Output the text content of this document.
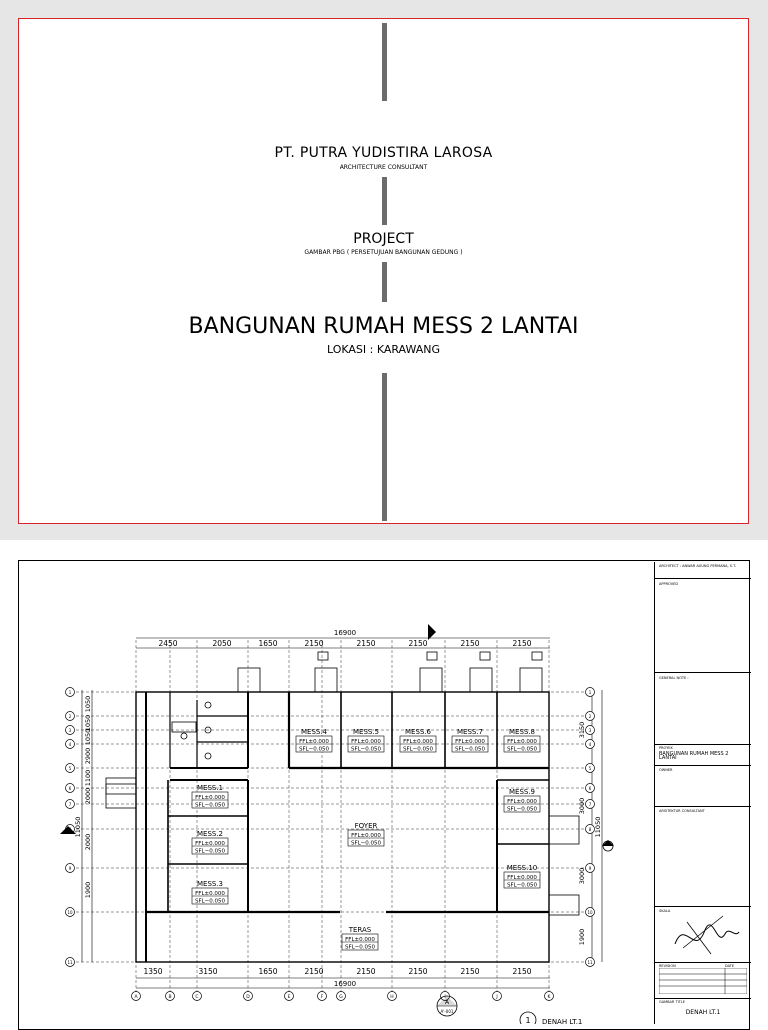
PT. PUTRA YUDISTIRA LAROSA
ARCHITECTURE CONSULTANT
PROJECT
GAMBAR PBG ( PERSETUJUAN BANGUNAN GEDUNG )
BANGUNAN RUMAH MESS 2 LANTAI
LOKASI : KARAWANG
A	B	C	D	E	F	G	H	I	J	K
1	1
2	2
3	3
4	4
5	5
6	6
7	7
8
9	9
10	10
11	11
16900
16900
2450	2050	1650	2150	2150	2150	2150	2150
1350	3150	1650	2150	2150	2150	2150	2150
1050
1050
1050
2900
1100
2000
2000
1900
3150
3000
3000
1900
11050
11050
MESS.4
FFL±0.000
SFL−0.050
MESS.5
FFL±0.000
SFL−0.050
MESS.6
FFL±0.000
SFL−0.050
MESS.7
FFL±0.000
SFL−0.050
MESS.8
FFL±0.000
SFL−0.050
MESS.1
FFL±0.000
SFL−0.050
MESS.2
FFL±0.000
SFL−0.050
MESS.3
FFL±0.000
SFL−0.050
MESS.9
FFL±0.000
SFL−0.050
MESS.10
FFL±0.000
SFL−0.050
FOYER
FFL±0.000
SFL−0.050
TERAS
FFL±0.000
SFL−0.050
A
A'-001
1 DENAH LT.1
ARCHITECT : ANWAR AGUNG PERMANA, S.T.
APPROVED
GENERAL NOTE :
PROYEK
BANGUNAN RUMAH MESS 2 LANTAI
OWNER
ARSITEKTUR CONSULTANT
SKALA
REVISION	DATE
GAMBAR TITLE
DENAH LT.1
